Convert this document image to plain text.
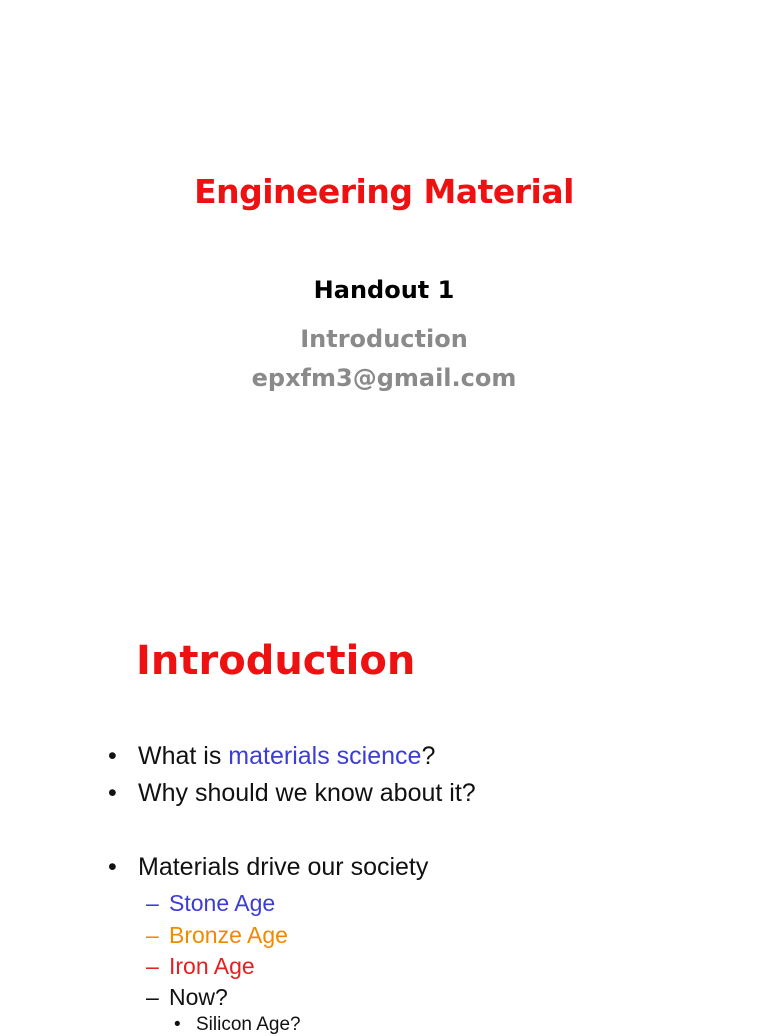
Engineering Material
Handout 1
Introduction
epxfm3@gmail.com
Introduction
• What is materials science?
• Why should we know about it?
• Materials drive our society
– Stone Age
– Bronze Age
– Iron Age
– Now?
• Silicon Age?
